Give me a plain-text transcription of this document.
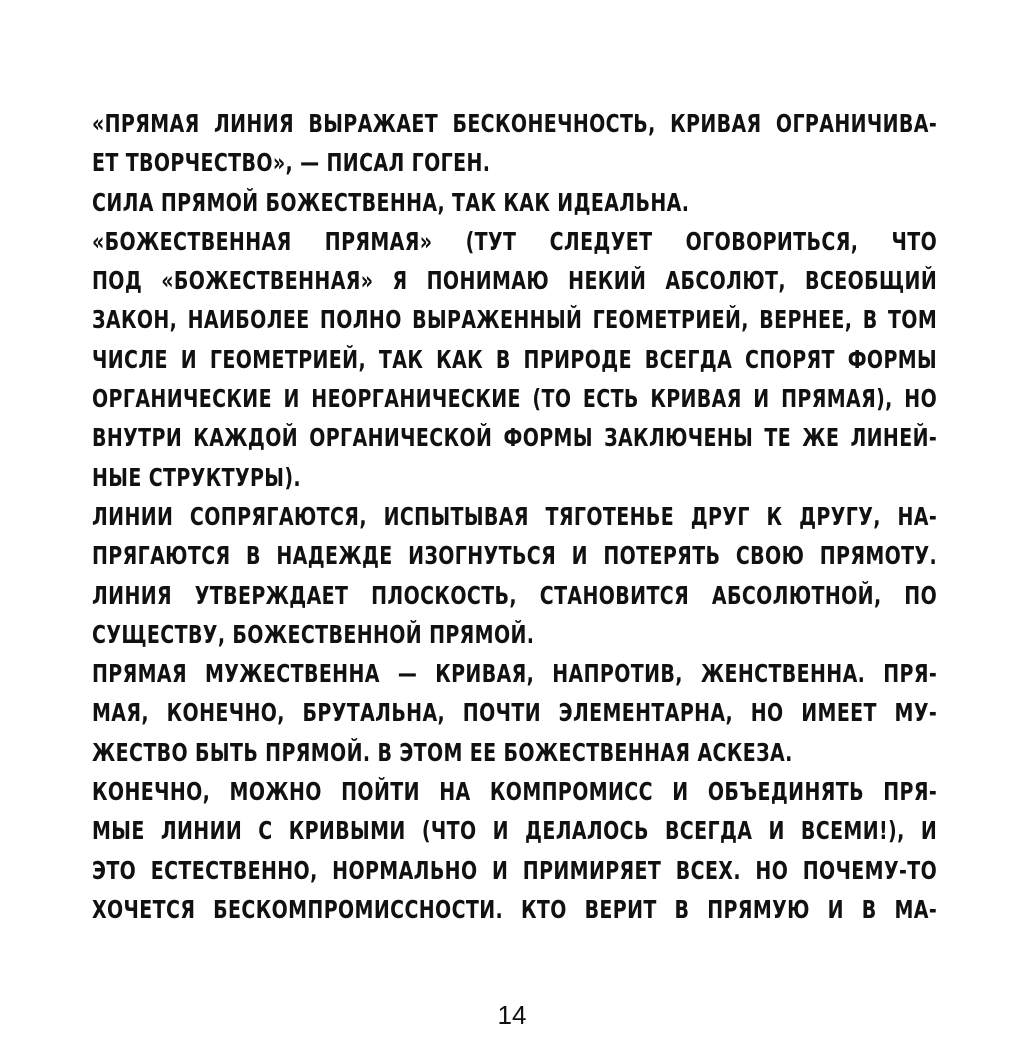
«ПРЯМАЯ ЛИНИЯ ВЫРАЖАЕТ БЕСКОНЕЧНОСТЬ, КРИВАЯ ОГРАНИЧИВА-
ЕТ ТВОРЧЕСТВО», — ПИСАЛ ГОГЕН.
СИЛА ПРЯМОЙ БОЖЕСТВЕННА, ТАК КАК ИДЕАЛЬНА.
«БОЖЕСТВЕННАЯ ПРЯМАЯ» (ТУТ СЛЕДУЕТ ОГОВОРИТЬСЯ, ЧТО
ПОД «БОЖЕСТВЕННАЯ» Я ПОНИМАЮ НЕКИЙ АБСОЛЮТ, ВСЕОБЩИЙ
ЗАКОН, НАИБОЛЕЕ ПОЛНО ВЫРАЖЕННЫЙ ГЕОМЕТРИЕЙ, ВЕРНЕЕ, В ТОМ
ЧИСЛЕ И ГЕОМЕТРИЕЙ, ТАК КАК В ПРИРОДЕ ВСЕГДА СПОРЯТ ФОРМЫ
ОРГАНИЧЕСКИЕ И НЕОРГАНИЧЕСКИЕ (ТО ЕСТЬ КРИВАЯ И ПРЯМАЯ), НО
ВНУТРИ КАЖДОЙ ОРГАНИЧЕСКОЙ ФОРМЫ ЗАКЛЮЧЕНЫ ТЕ ЖЕ ЛИНЕЙ-
НЫЕ СТРУКТУРЫ).
ЛИНИИ СОПРЯГАЮТСЯ, ИСПЫТЫВАЯ ТЯГОТЕНЬЕ ДРУГ К ДРУГУ, НА-
ПРЯГАЮТСЯ В НАДЕЖДЕ ИЗОГНУТЬСЯ И ПОТЕРЯТЬ СВОЮ ПРЯМОТУ.
ЛИНИЯ УТВЕРЖДАЕТ ПЛОСКОСТЬ, СТАНОВИТСЯ АБСОЛЮТНОЙ, ПО
СУЩЕСТВУ, БОЖЕСТВЕННОЙ ПРЯМОЙ.
ПРЯМАЯ МУЖЕСТВЕННА — КРИВАЯ, НАПРОТИВ, ЖЕНСТВЕННА. ПРЯ-
МАЯ, КОНЕЧНО, БРУТАЛЬНА, ПОЧТИ ЭЛЕМЕНТАРНА, НО ИМЕЕТ МУ-
ЖЕСТВО БЫТЬ ПРЯМОЙ. В ЭТОМ ЕЕ БОЖЕСТВЕННАЯ АСКЕЗА.
КОНЕЧНО, МОЖНО ПОЙТИ НА КОМПРОМИСС И ОБЪЕДИНЯТЬ ПРЯ-
МЫЕ ЛИНИИ С КРИВЫМИ (ЧТО И ДЕЛАЛОСЬ ВСЕГДА И ВСЕМИ!), И
ЭТО ЕСТЕСТВЕННО, НОРМАЛЬНО И ПРИМИРЯЕТ ВСЕХ. НО ПОЧЕМУ-ТО
ХОЧЕТСЯ БЕСКОМПРОМИССНОСТИ. КТО ВЕРИТ В ПРЯМУЮ И В МА-
14
